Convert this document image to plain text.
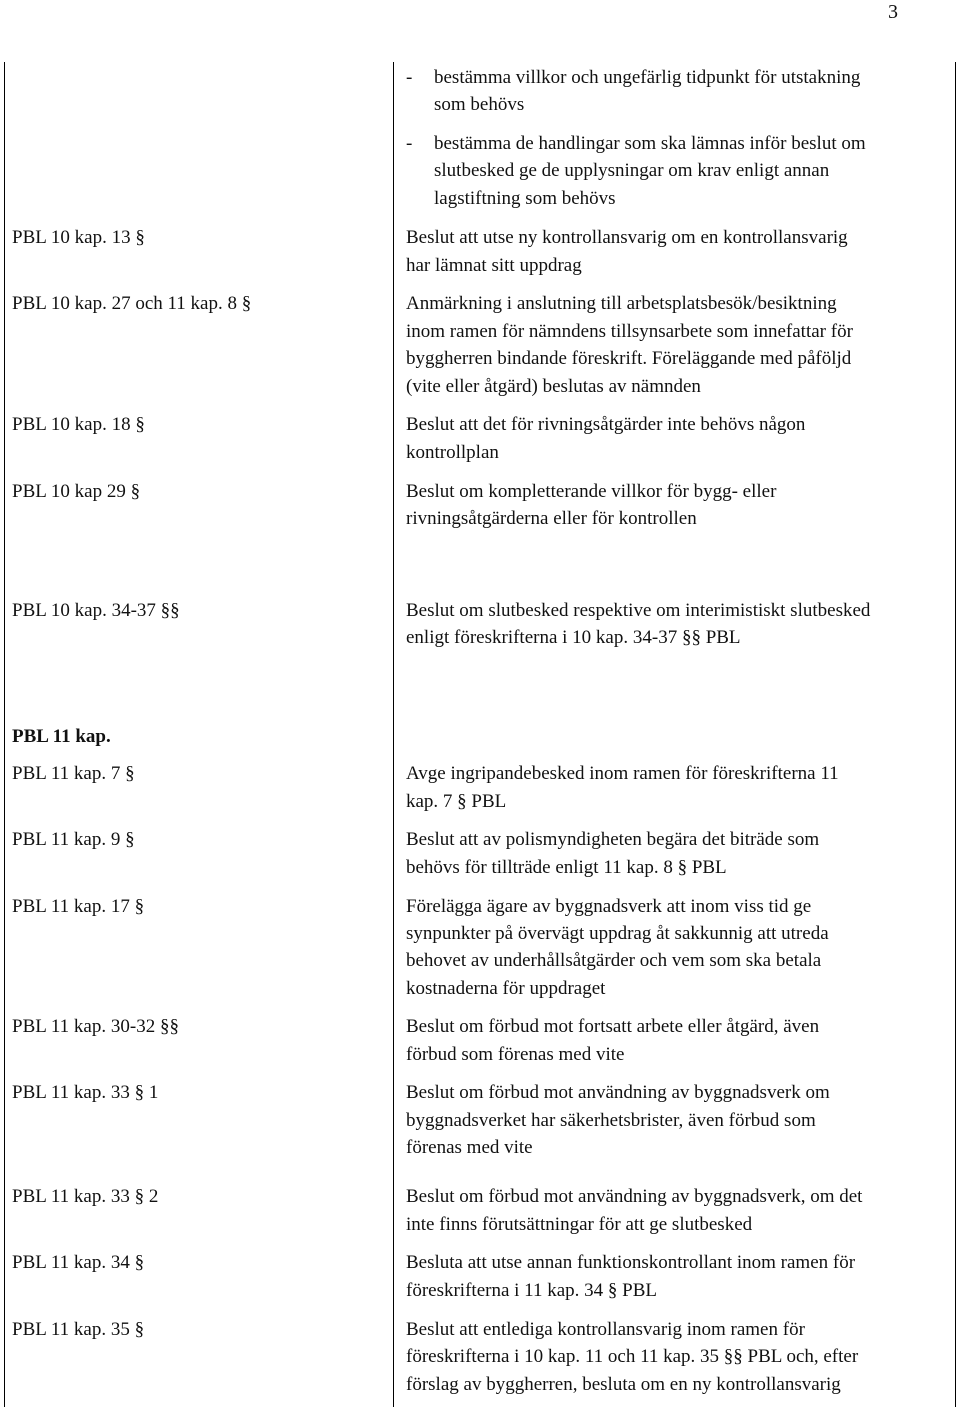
3
- bestämma villkor och ungefärlig tidpunkt för utstakning
som behövs
- bestämma de handlingar som ska lämnas inför beslut om
slutbesked ge de upplysningar om krav enligt annan
lagstiftning som behövs
PBL 10 kap. 13 §	Beslut att utse ny kontrollansvarig om en kontrollansvarig
har lämnat sitt uppdrag
PBL 10 kap. 27 och 11 kap. 8 §	Anmärkning i anslutning till arbetsplatsbesök/besiktning
inom ramen för nämndens tillsynsarbete som innefattar för
byggherren bindande föreskrift. Föreläggande med påföljd
(vite eller åtgärd) beslutas av nämnden
PBL 10 kap. 18 §	Beslut att det för rivningsåtgärder inte behövs någon
kontrollplan
PBL 10 kap 29 §	Beslut om kompletterande villkor för bygg- eller
rivningsåtgärderna eller för kontrollen
PBL 10 kap. 34-37 §§	Beslut om slutbesked respektive om interimistiskt slutbesked
enligt föreskrifterna i 10 kap. 34-37 §§ PBL
PBL 11 kap.
PBL 11 kap. 7 §	Avge ingripandebesked inom ramen för föreskrifterna 11
kap. 7 § PBL
PBL 11 kap. 9 §	Beslut att av polismyndigheten begära det biträde som
behövs för tillträde enligt 11 kap. 8 § PBL
PBL 11 kap. 17 §	Förelägga ägare av byggnadsverk att inom viss tid ge
synpunkter på övervägt uppdrag åt sakkunnig att utreda
behovet av underhållsåtgärder och vem som ska betala
kostnaderna för uppdraget
PBL 11 kap. 30-32 §§	Beslut om förbud mot fortsatt arbete eller åtgärd, även
förbud som förenas med vite
PBL 11 kap. 33 § 1	Beslut om förbud mot användning av byggnadsverk om
byggnadsverket har säkerhetsbrister, även förbud som
förenas med vite
PBL 11 kap. 33 § 2	Beslut om förbud mot användning av byggnadsverk, om det
inte finns förutsättningar för att ge slutbesked
PBL 11 kap. 34 §	Besluta att utse annan funktionskontrollant inom ramen för
föreskrifterna i 11 kap. 34 § PBL
PBL 11 kap. 35 §	Beslut att entlediga kontrollansvarig inom ramen för
föreskrifterna i 10 kap. 11 och 11 kap. 35 §§ PBL och, efter
förslag av byggherren, besluta om en ny kontrollansvarig
